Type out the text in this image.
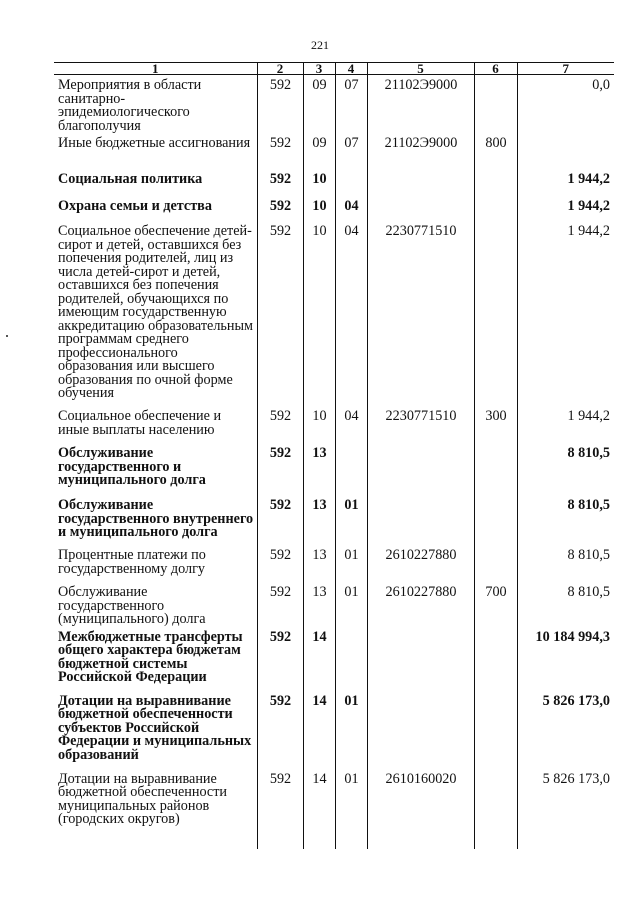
221
1	2	3	4	5	6	7
Мероприятия в области санитарно-эпидемиологического благополучия	592	09	07	21102Э9000		0,0
Иные бюджетные ассигнования	592	09	07	21102Э9000	800	
Социальная политика	592	10				1 944,2
Охрана семьи и детства	592	10	04			1 944,2
Социальное обеспечение детей-сирот и детей, оставшихся без попечения родителей, лиц из числа детей-сирот и детей, оставшихся без попечения родителей, обучающихся по имеющим государственную аккредитацию образовательным программам среднего профессионального образования или высшего образования по очной форме обучения	592	10	04	2230771510		1 944,2
Социальное обеспечение и иные выплаты населению	592	10	04	2230771510	300	1 944,2
Обслуживание государственного и муниципального долга	592	13				8 810,5
Обслуживание государственного внутреннего и муниципального долга	592	13	01			8 810,5
Процентные платежи по государственному долгу	592	13	01	2610227880		8 810,5
Обслуживание государственного (муниципального) долга	592	13	01	2610227880	700	8 810,5
Межбюджетные трансферты общего характера бюджетам бюджетной системы Российской Федерации	592	14				10 184 994,3
Дотации на выравнивание бюджетной обеспеченности субъектов Российской Федерации и муниципальных образований	592	14	01			5 826 173,0
Дотации на выравнивание бюджетной обеспеченности муниципальных районов (городских округов)	592	14	01	2610160020		5 826 173,0
